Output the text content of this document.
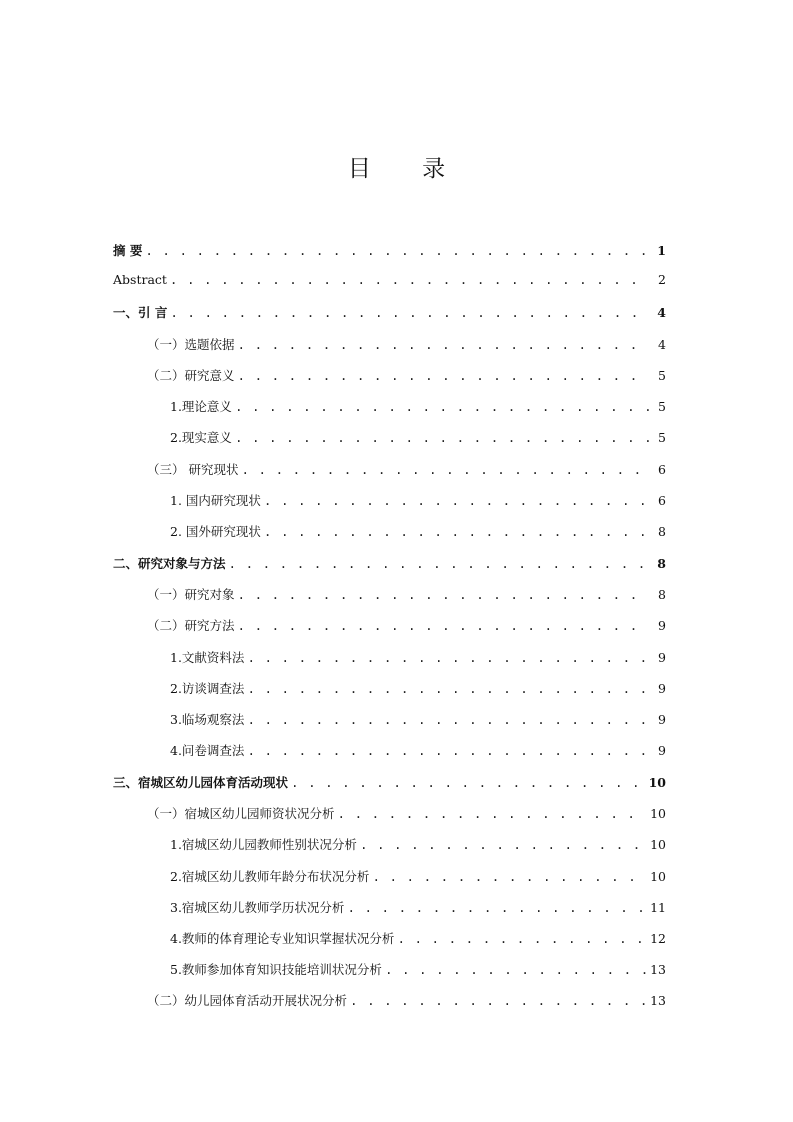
目 录
摘 要 . . .	1
Abstract . . .	2
一、引 言 . . .	4
（一）选题依据 . . .	4
（二）研究意义 . . .	5
1.理论意义 . . .	5
2.现实意义 . . .	5
（三） 研究现状 . . .	6
1. 国内研究现状 . . .	6
2. 国外研究现状 . . .	8
二、研究对象与方法 . . .	8
（一）研究对象 . . .	8
（二）研究方法 . . .	9
1.文献资料法 . . .	9
2.访谈调查法 . . .	9
3.临场观察法 . . .	9
4.问卷调查法 . . .	9
三、宿城区幼儿园体育活动现状 . . .	10
（一）宿城区幼儿园师资状况分析 . . .	10
1.宿城区幼儿园教师性别状况分析 . . .	10
2.宿城区幼儿教师年龄分布状况分析 . . .	10
3.宿城区幼儿教师学历状况分析 . . .	11
4.教师的体育理论专业知识掌握状况分析 . . .	12
5.教师参加体育知识技能培训状况分析 . . .	13
（二）幼儿园体育活动开展状况分析 . . .	13
